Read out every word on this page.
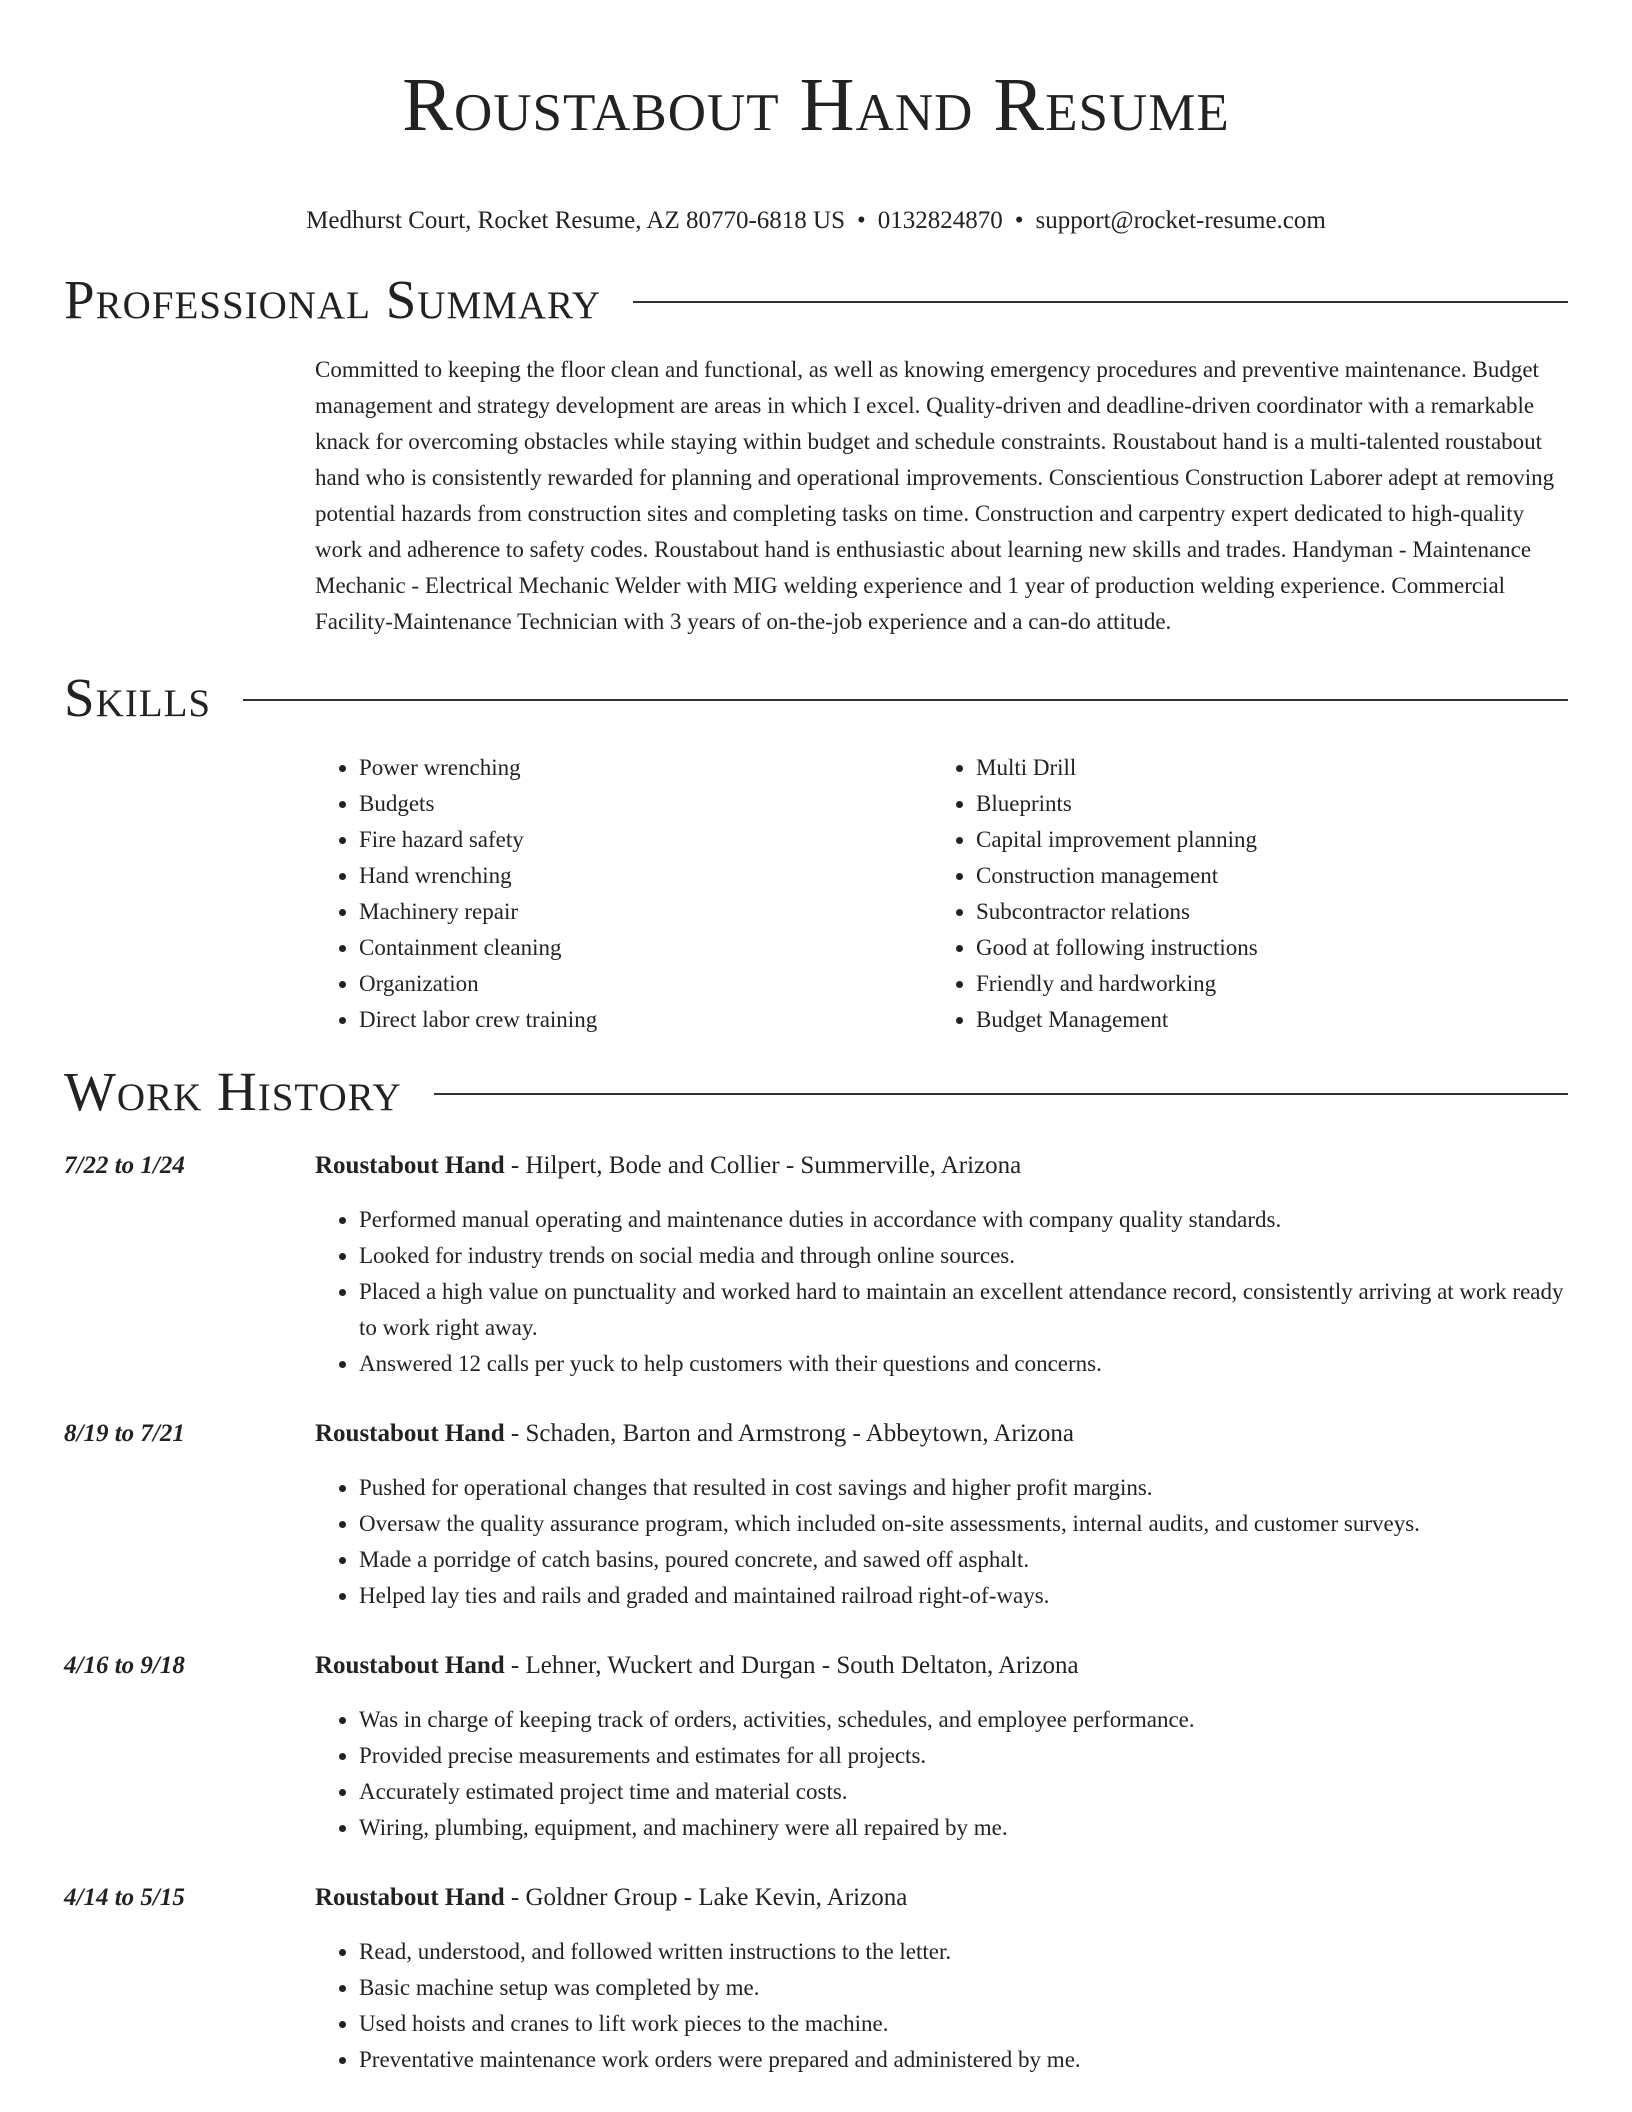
Roustabout Hand Resume
Medhurst Court, Rocket Resume, AZ 80770-6818 US • 0132824870 • support@rocket-resume.com
Professional Summary
Committed to keeping the floor clean and functional, as well as knowing emergency procedures and preventive maintenance. Budget management and strategy development are areas in which I excel. Quality-driven and deadline-driven coordinator with a remarkable knack for overcoming obstacles while staying within budget and schedule constraints. Roustabout hand is a multi-talented roustabout hand who is consistently rewarded for planning and operational improvements. Conscientious Construction Laborer adept at removing potential hazards from construction sites and completing tasks on time. Construction and carpentry expert dedicated to high-quality work and adherence to safety codes. Roustabout hand is enthusiastic about learning new skills and trades. Handyman - Maintenance Mechanic - Electrical Mechanic Welder with MIG welding experience and 1 year of production welding experience. Commercial Facility-Maintenance Technician with 3 years of on-the-job experience and a can-do attitude.
Skills
• Power wrenching
• Budgets
• Fire hazard safety
• Hand wrenching
• Machinery repair
• Containment cleaning
• Organization
• Direct labor crew training
• Multi Drill
• Blueprints
• Capital improvement planning
• Construction management
• Subcontractor relations
• Good at following instructions
• Friendly and hardworking
• Budget Management
Work History
7/22 to 1/24	Roustabout Hand - Hilpert, Bode and Collier - Summerville, Arizona
• Performed manual operating and maintenance duties in accordance with company quality standards.
• Looked for industry trends on social media and through online sources.
• Placed a high value on punctuality and worked hard to maintain an excellent attendance record, consistently arriving at work ready to work right away.
• Answered 12 calls per yuck to help customers with their questions and concerns.
8/19 to 7/21	Roustabout Hand - Schaden, Barton and Armstrong - Abbeytown, Arizona
• Pushed for operational changes that resulted in cost savings and higher profit margins.
• Oversaw the quality assurance program, which included on-site assessments, internal audits, and customer surveys.
• Made a porridge of catch basins, poured concrete, and sawed off asphalt.
• Helped lay ties and rails and graded and maintained railroad right-of-ways.
4/16 to 9/18	Roustabout Hand - Lehner, Wuckert and Durgan - South Deltaton, Arizona
• Was in charge of keeping track of orders, activities, schedules, and employee performance.
• Provided precise measurements and estimates for all projects.
• Accurately estimated project time and material costs.
• Wiring, plumbing, equipment, and machinery were all repaired by me.
4/14 to 5/15	Roustabout Hand - Goldner Group - Lake Kevin, Arizona
• Read, understood, and followed written instructions to the letter.
• Basic machine setup was completed by me.
• Used hoists and cranes to lift work pieces to the machine.
• Preventative maintenance work orders were prepared and administered by me.
